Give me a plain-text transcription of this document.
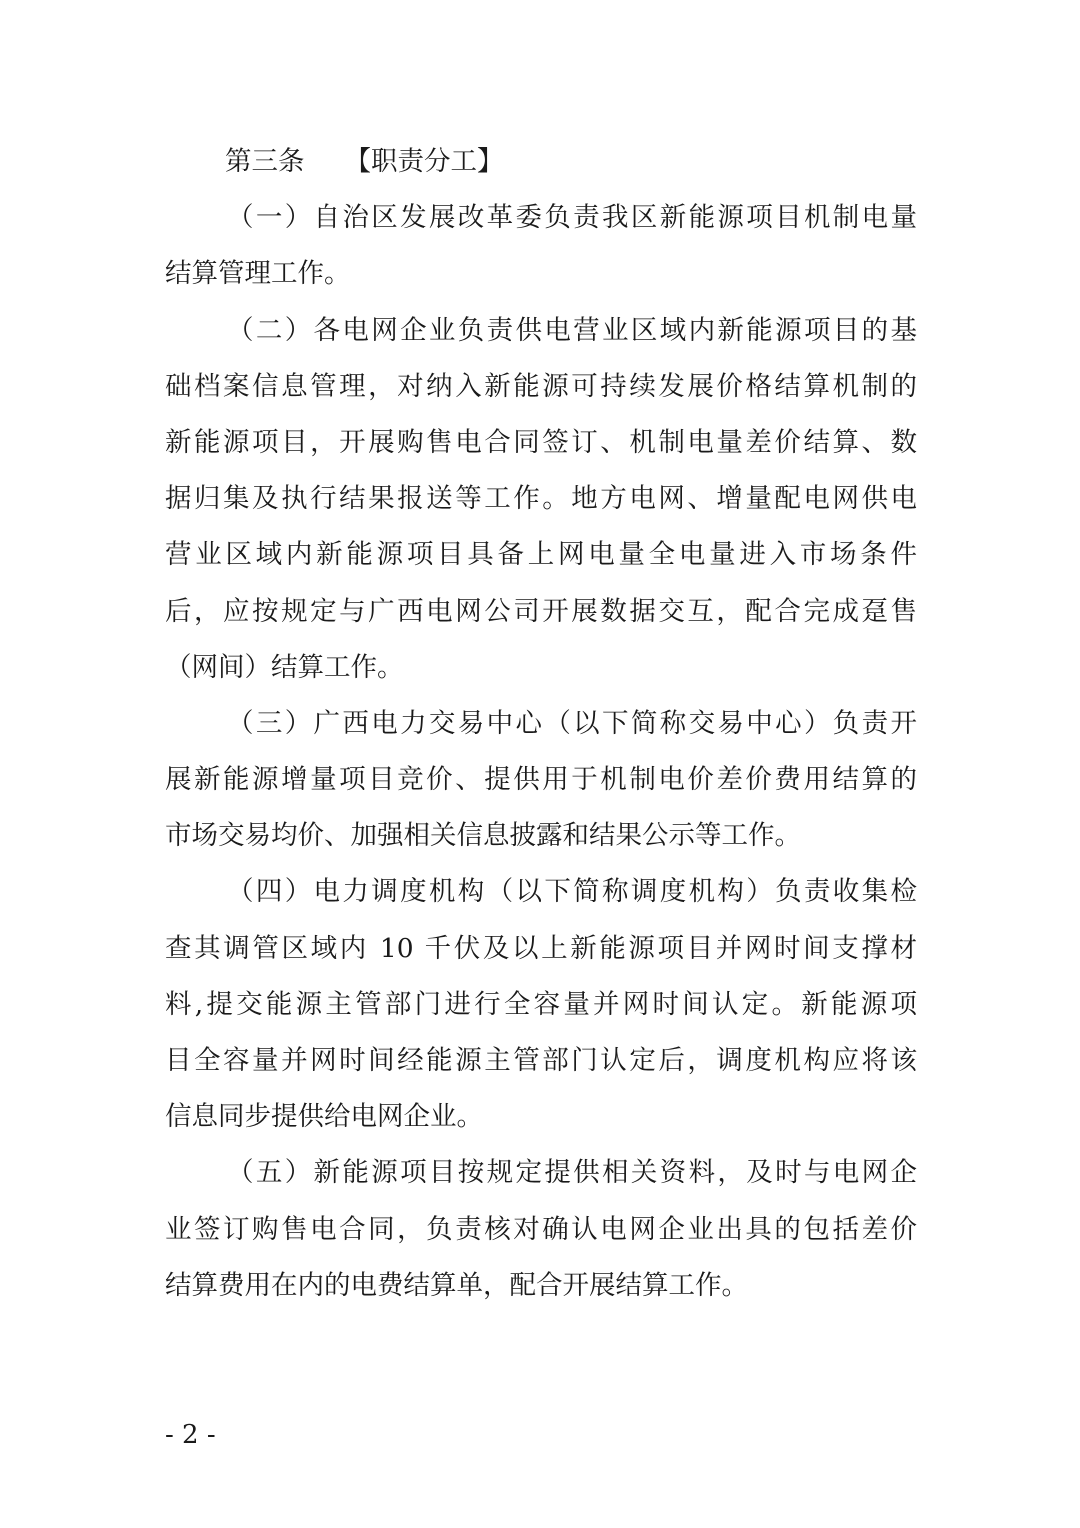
第三条 【职责分工】
（一）自治区发展改革委负责我区新能源项目机制电量
结算管理工作。
（二）各电网企业负责供电营业区域内新能源项目的基
础档案信息管理，对纳入新能源可持续发展价格结算机制的
新能源项目，开展购售电合同签订、机制电量差价结算、数
据归集及执行结果报送等工作。地方电网、增量配电网供电
营业区域内新能源项目具备上网电量全电量进入市场条件
后，应按规定与广西电网公司开展数据交互，配合完成趸售
（网间）结算工作。
（三）广西电力交易中心（以下简称交易中心）负责开
展新能源增量项目竞价、提供用于机制电价差价费用结算的
市场交易均价、加强相关信息披露和结果公示等工作。
（四）电力调度机构（以下简称调度机构）负责收集检
查其调管区域内 10 千伏及以上新能源项目并网时间支撑材
料,提交能源主管部门进行全容量并网时间认定。新能源项
目全容量并网时间经能源主管部门认定后，调度机构应将该
信息同步提供给电网企业。
（五）新能源项目按规定提供相关资料，及时与电网企
业签订购售电合同，负责核对确认电网企业出具的包括差价
结算费用在内的电费结算单，配合开展结算工作。
- 2 -
